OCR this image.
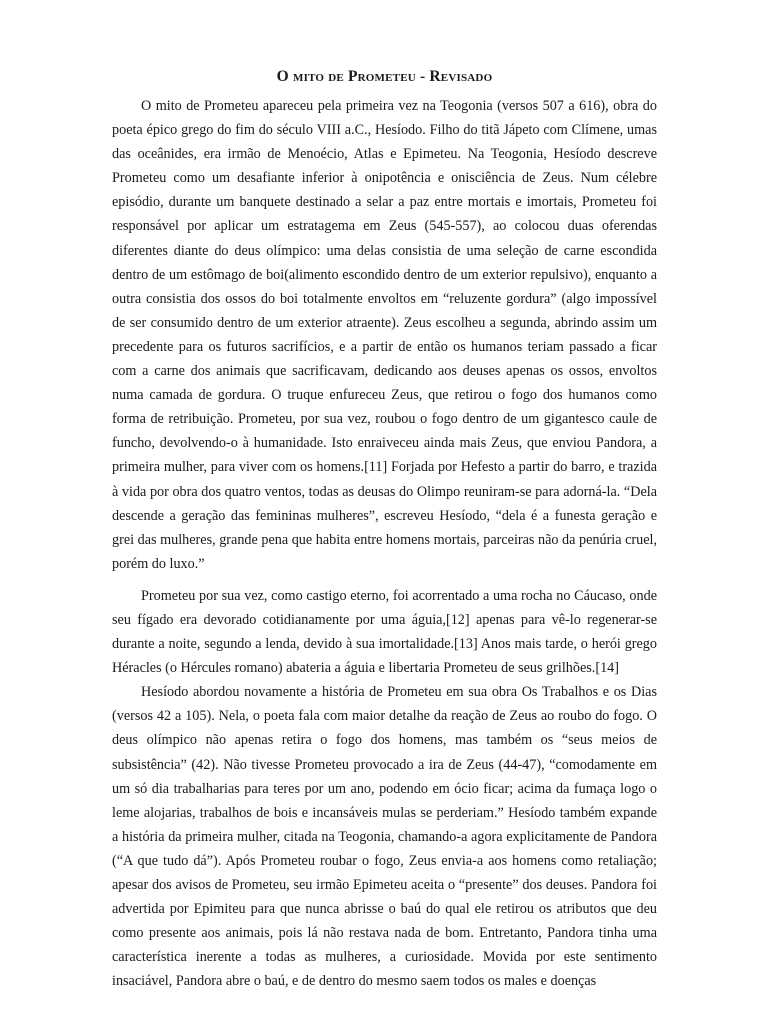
O mito de Prometeu - Revisado

O mito de Prometeu apareceu pela primeira vez na Teogonia (versos 507 a 616), obra do poeta épico grego do fim do século VIII a.C., Hesíodo. Filho do titã Jápeto com Clímene, umas das oceânides, era irmão de Menoécio, Atlas e Epimeteu. Na Teogonia, Hesíodo descreve Prometeu como um desafiante inferior à onipotência e onisciência de Zeus. Num célebre episódio, durante um banquete destinado a selar a paz entre mortais e imortais, Prometeu foi responsável por aplicar um estratagema em Zeus (545-557), ao colocou duas oferendas diferentes diante do deus olímpico: uma delas consistia de uma seleção de carne escondida dentro de um estômago de boi(alimento escondido dentro de um exterior repulsivo), enquanto a outra consistia dos ossos do boi totalmente envoltos em “reluzente gordura” (algo impossível de ser consumido dentro de um exterior atraente). Zeus escolheu a segunda, abrindo assim um precedente para os futuros sacrifícios, e a partir de então os humanos teriam passado a ficar com a carne dos animais que sacrificavam, dedicando aos deuses apenas os ossos, envoltos numa camada de gordura. O truque enfureceu Zeus, que retirou o fogo dos humanos como forma de retribuição. Prometeu, por sua vez, roubou o fogo dentro de um gigantesco caule de funcho, devolvendo-o à humanidade. Isto enraiveceu ainda mais Zeus, que enviou Pandora, a primeira mulher, para viver com os homens.[11] Forjada por Hefesto a partir do barro, e trazida à vida por obra dos quatro ventos, todas as deusas do Olimpo reuniram-se para adorná-la. “Dela descende a geração das femininas mulheres”, escreveu Hesíodo, “dela é a funesta geração e grei das mulheres, grande pena que habita entre homens mortais, parceiras não da penúria cruel, porém do luxo.”

Prometeu por sua vez, como castigo eterno, foi acorrentado a uma rocha no Cáucaso, onde seu fígado era devorado cotidianamente por uma águia,[12] apenas para vê-lo regenerar-se durante a noite, segundo a lenda, devido à sua imortalidade.[13] Anos mais tarde, o herói grego Héracles (o Hércules romano) abateria a águia e libertaria Prometeu de seus grilhões.[14]

Hesíodo abordou novamente a história de Prometeu em sua obra Os Trabalhos e os Dias (versos 42 a 105). Nela, o poeta fala com maior detalhe da reação de Zeus ao roubo do fogo. O deus olímpico não apenas retira o fogo dos homens, mas também os “seus meios de subsistência” (42). Não tivesse Prometeu provocado a ira de Zeus (44-47), “comodamente em um só dia trabalharias para teres por um ano, podendo em ócio ficar; acima da fumaça logo o leme alojarias, trabalhos de bois e incansáveis mulas se perderiam.” Hesíodo também expande a história da primeira mulher, citada na Teogonia, chamando-a agora explicitamente de Pandora (“A que tudo dá”). Após Prometeu roubar o fogo, Zeus envia-a aos homens como retaliação; apesar dos avisos de Prometeu, seu irmão Epimeteu aceita o “presente” dos deuses. Pandora foi advertida por Epimiteu para que nunca abrisse o baú do qual ele retirou os atributos que deu como presente aos animais, pois lá não restava nada de bom. Entretanto, Pandora tinha uma característica inerente a todas as mulheres, a curiosidade. Movida por este sentimento insaciável, Pandora abre o baú, e de dentro do mesmo saem todos os males e doenças
